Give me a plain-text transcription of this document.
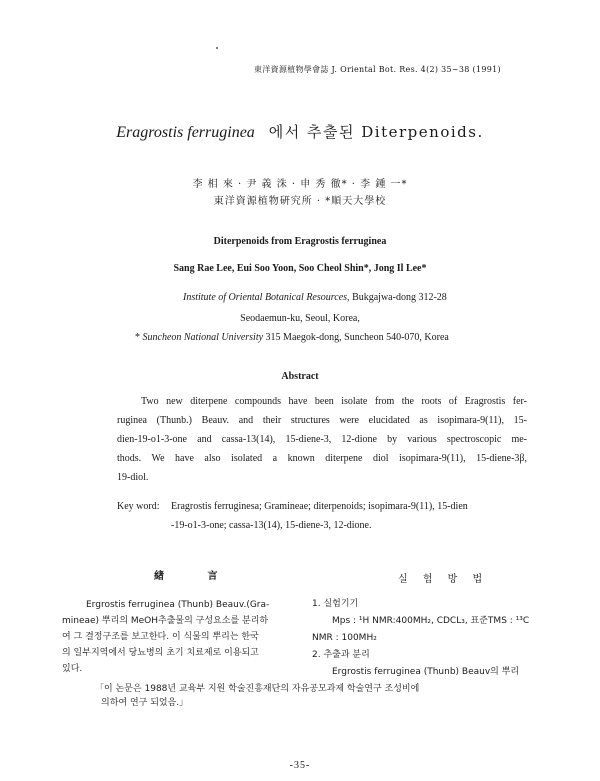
東洋資源植物學會誌 J. Oriental Bot. Res. 4(2) 35∼38 (1991)
Eragrostis ferruginea 에서 추출된 Diterpenoids.
李 相 來 · 尹 義 洙 · 申 秀 徹* · 李 鍾 一*
東洋資源植物硏究所 · *順天大學校
Diterpenoids from Eragrostis ferruginea
Sang Rae Lee, Eui Soo Yoon, Soo Cheol Shin*, Jong Il Lee*
Institute of Oriental Botanical Resources, Bukgajwa-dong 312-28
Seodaemun-ku, Seoul, Korea,
* Suncheon National University 315 Maegok-dong, Suncheon 540-070, Korea
Abstract
Two new diterpene compounds have been isolate from the roots of Eragrostis fer-
ruginea (Thunb.) Beauv. and their structures were elucidated as isopimara-9(11), 15-
dien-19-o1-3-one and cassa-13(14), 15-diene-3, 12-dione by various spectroscopic me-
thods. We have also isolated a known diterpene diol isopimara-9(11), 15-diene-3β,
19-diol.
Key word: Eragrostis ferruginesa; Gramineae; diterpenoids; isopimara-9(11), 15-dien
-19-o1-3-one; cassa-13(14), 15-diene-3, 12-dione.
緖 言	실 험 방 법
Ergrostis ferruginea (Thunb) Beauv.(Gra-
mineae) 뿌리의 MeOH추출물의 구성요소를 분리하
여 그 결정구조를 보고한다. 이 식물의 뿌리는 한국
의 일부지역에서 당뇨병의 초기 치료제로 이용되고
있다.
1. 실험기기
Mps : ¹H NMR:400MH₂, CDCL₃, 표준TMS : ¹³C
NMR : 100MH₂
2. 추출과 분리
Ergrostis ferruginea (Thunb) Beauv의 뿌리
「이 논문은 1988년 교육부 지원 학술진흥재단의 자유공모과제 학술연구 조성비에
의하여 연구 되었음.」
-35-
